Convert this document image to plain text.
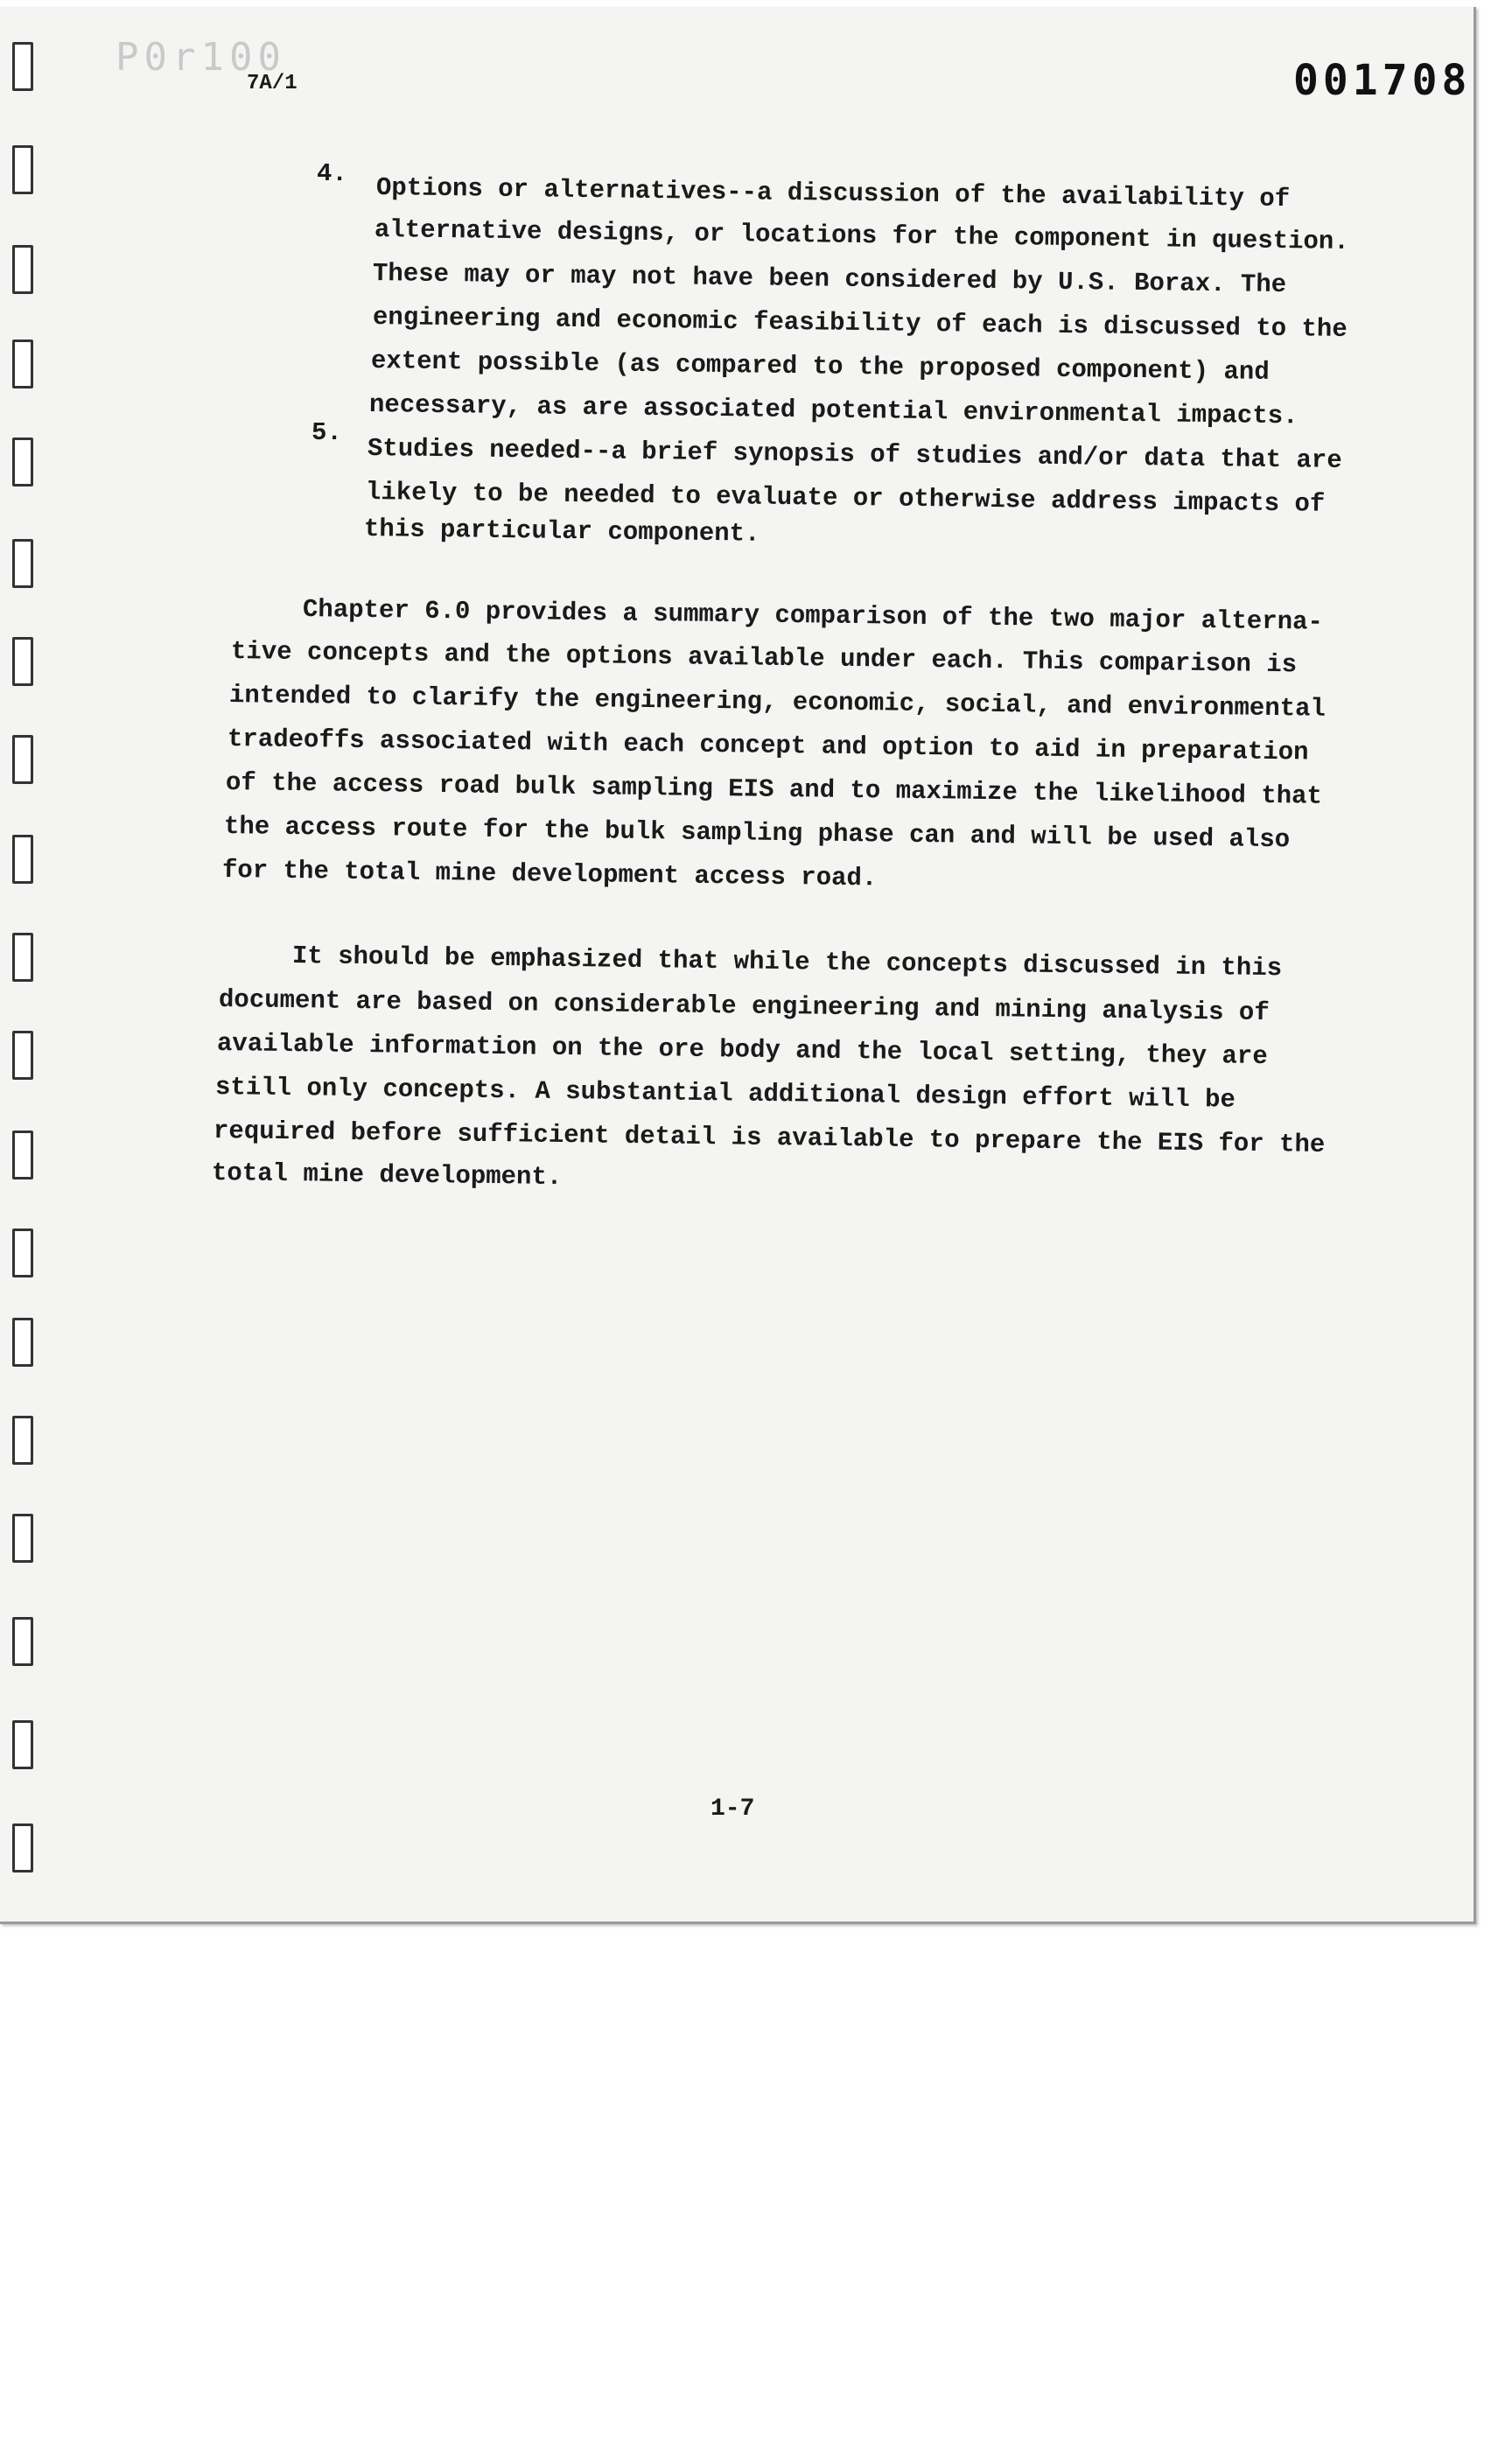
P0r100
7A/1	001708
4. Options or alternatives--a discussion of the availability of
alternative designs, or locations for the component in question.
These may or may not have been considered by U.S. Borax. The
engineering and economic feasibility of each is discussed to the
extent possible (as compared to the proposed component) and
necessary, as are associated potential environmental impacts.
5.
Studies needed--a brief synopsis of studies and/or data that are
likely to be needed to evaluate or otherwise address impacts of
this particular component.
Chapter 6.0 provides a summary comparison of the two major alterna-
tive concepts and the options available under each. This comparison is
intended to clarify the engineering, economic, social, and environmental
tradeoffs associated with each concept and option to aid in preparation
of the access road bulk sampling EIS and to maximize the likelihood that
the access route for the bulk sampling phase can and will be used also
for the total mine development access road.
It should be emphasized that while the concepts discussed in this
document are based on considerable engineering and mining analysis of
available information on the ore body and the local setting, they are
still only concepts. A substantial additional design effort will be
required before sufficient detail is available to prepare the EIS for the
total mine development.
1-7
